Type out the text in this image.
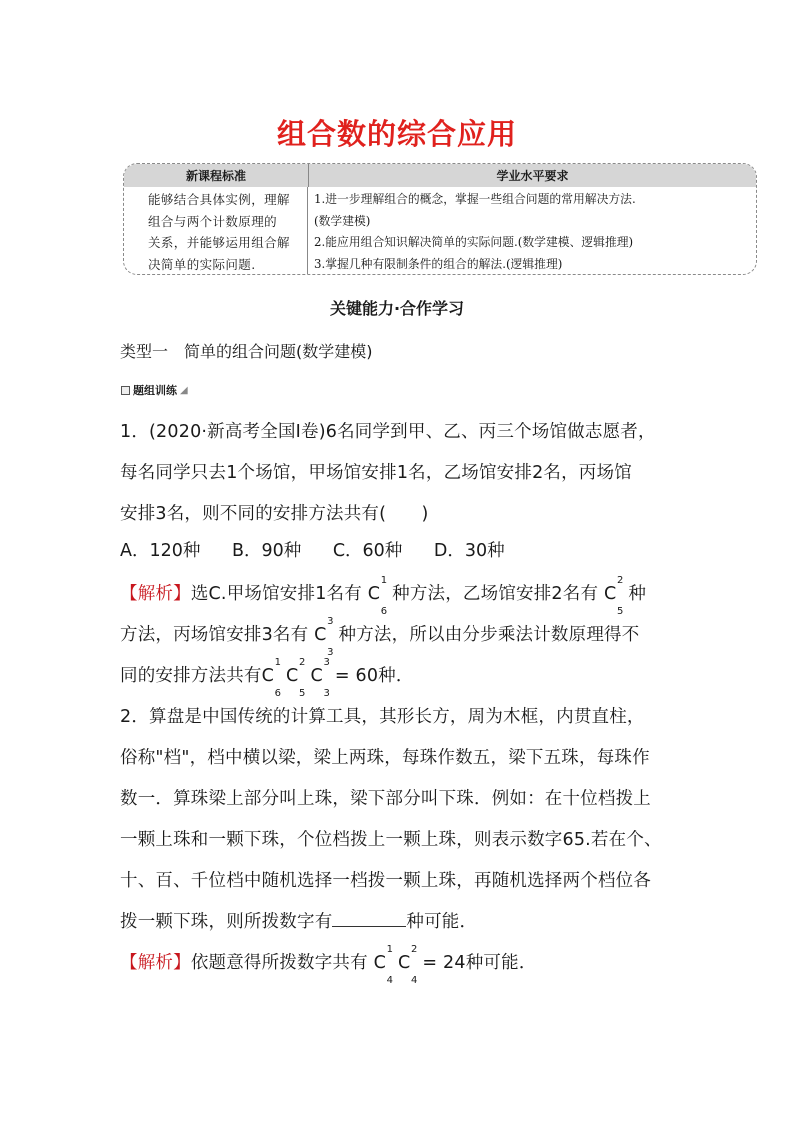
组合数的综合应用
新课程标准	学业水平要求
能够结合具体实例，理解
组合与两个计数原理的
关系，并能够运用组合解
决简单的实际问题.
1.进一步理解组合的概念，掌握一些组合问题的常用解决方法.
(数学建模)
2.能应用组合知识解决简单的实际问题.(数学建模、逻辑推理)
3.掌握几种有限制条件的组合的解法.(逻辑推理)
关键能力·合作学习
类型一　简单的组合问题(数学建模)
题组训练 ◢
1．(2020·新高考全国Ⅰ卷)6名同学到甲、乙、丙三个场馆做志愿者，
每名同学只去1个场馆，甲场馆安排1名，乙场馆安排2名，丙场馆
安排3名，则不同的安排方法共有(　　)
A．120种 B．90种 C．60种 D．30种
【解析】选C.甲场馆安排1名有 C
1
6
种方法，乙场馆安排2名有 C
2
5
种
方法，丙场馆安排3名有 C
3
3
种方法，所以由分步乘法计数原理得不
同的安排方法共有C
1
6
C
2
5
C
3
3
= 60种．
2．算盘是中国传统的计算工具，其形长方，周为木框，内贯直柱，
俗称"档"，档中横以梁，梁上两珠，每珠作数五，梁下五珠，每珠作
数一．算珠梁上部分叫上珠，梁下部分叫下珠．例如：在十位档拨上
一颗上珠和一颗下珠，个位档拨上一颗上珠，则表示数字65.若在个、
十、百、千位档中随机选择一档拨一颗上珠，再随机选择两个档位各
拨一颗下珠，则所拨数字有	种可能．
【解析】依题意得所拨数字共有 C
1
4
C
2
4
= 24种可能．
